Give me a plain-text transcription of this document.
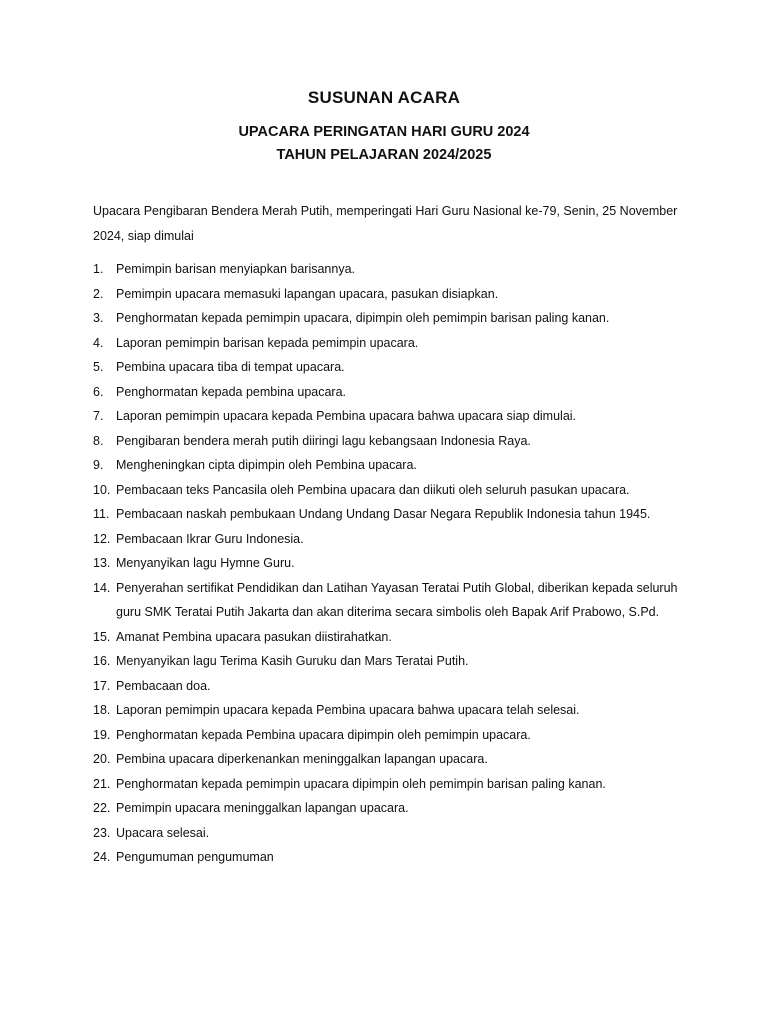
SUSUNAN ACARA
UPACARA PERINGATAN HARI GURU 2024
TAHUN PELAJARAN 2024/2025
Upacara Pengibaran Bendera Merah Putih, memperingati Hari Guru Nasional ke-79, Senin, 25 November 2024, siap dimulai
1.	Pemimpin barisan menyiapkan barisannya.
2.	Pemimpin upacara memasuki lapangan upacara, pasukan disiapkan.
3.	Penghormatan kepada pemimpin upacara, dipimpin oleh pemimpin barisan paling kanan.
4.	Laporan pemimpin barisan kepada pemimpin upacara.
5.	Pembina upacara tiba di tempat upacara.
6.	Penghormatan kepada pembina upacara.
7.	Laporan pemimpin upacara kepada Pembina upacara bahwa upacara siap dimulai.
8.	Pengibaran bendera merah putih diiringi lagu kebangsaan Indonesia Raya.
9.	Mengheningkan cipta dipimpin oleh Pembina upacara.
10. Pembacaan teks Pancasila oleh Pembina upacara dan diikuti oleh seluruh pasukan upacara.
11. Pembacaan naskah pembukaan Undang Undang Dasar Negara Republik Indonesia tahun 1945.
12. Pembacaan Ikrar Guru Indonesia.
13. Menyanyikan lagu Hymne Guru.
14. Penyerahan sertifikat Pendidikan dan Latihan Yayasan Teratai Putih Global, diberikan kepada seluruh guru SMK Teratai Putih Jakarta dan akan diterima secara simbolis oleh Bapak Arif Prabowo, S.Pd.
15. Amanat Pembina upacara pasukan diistirahatkan.
16. Menyanyikan lagu Terima Kasih Guruku dan Mars Teratai Putih.
17. Pembacaan doa.
18. Laporan pemimpin upacara kepada Pembina upacara bahwa upacara telah selesai.
19. Penghormatan kepada Pembina upacara dipimpin oleh pemimpin upacara.
20. Pembina upacara diperkenankan meninggalkan lapangan upacara.
21. Penghormatan kepada pemimpin upacara dipimpin oleh pemimpin barisan paling kanan.
22. Pemimpin upacara meninggalkan lapangan upacara.
23. Upacara selesai.
24. Pengumuman pengumuman
